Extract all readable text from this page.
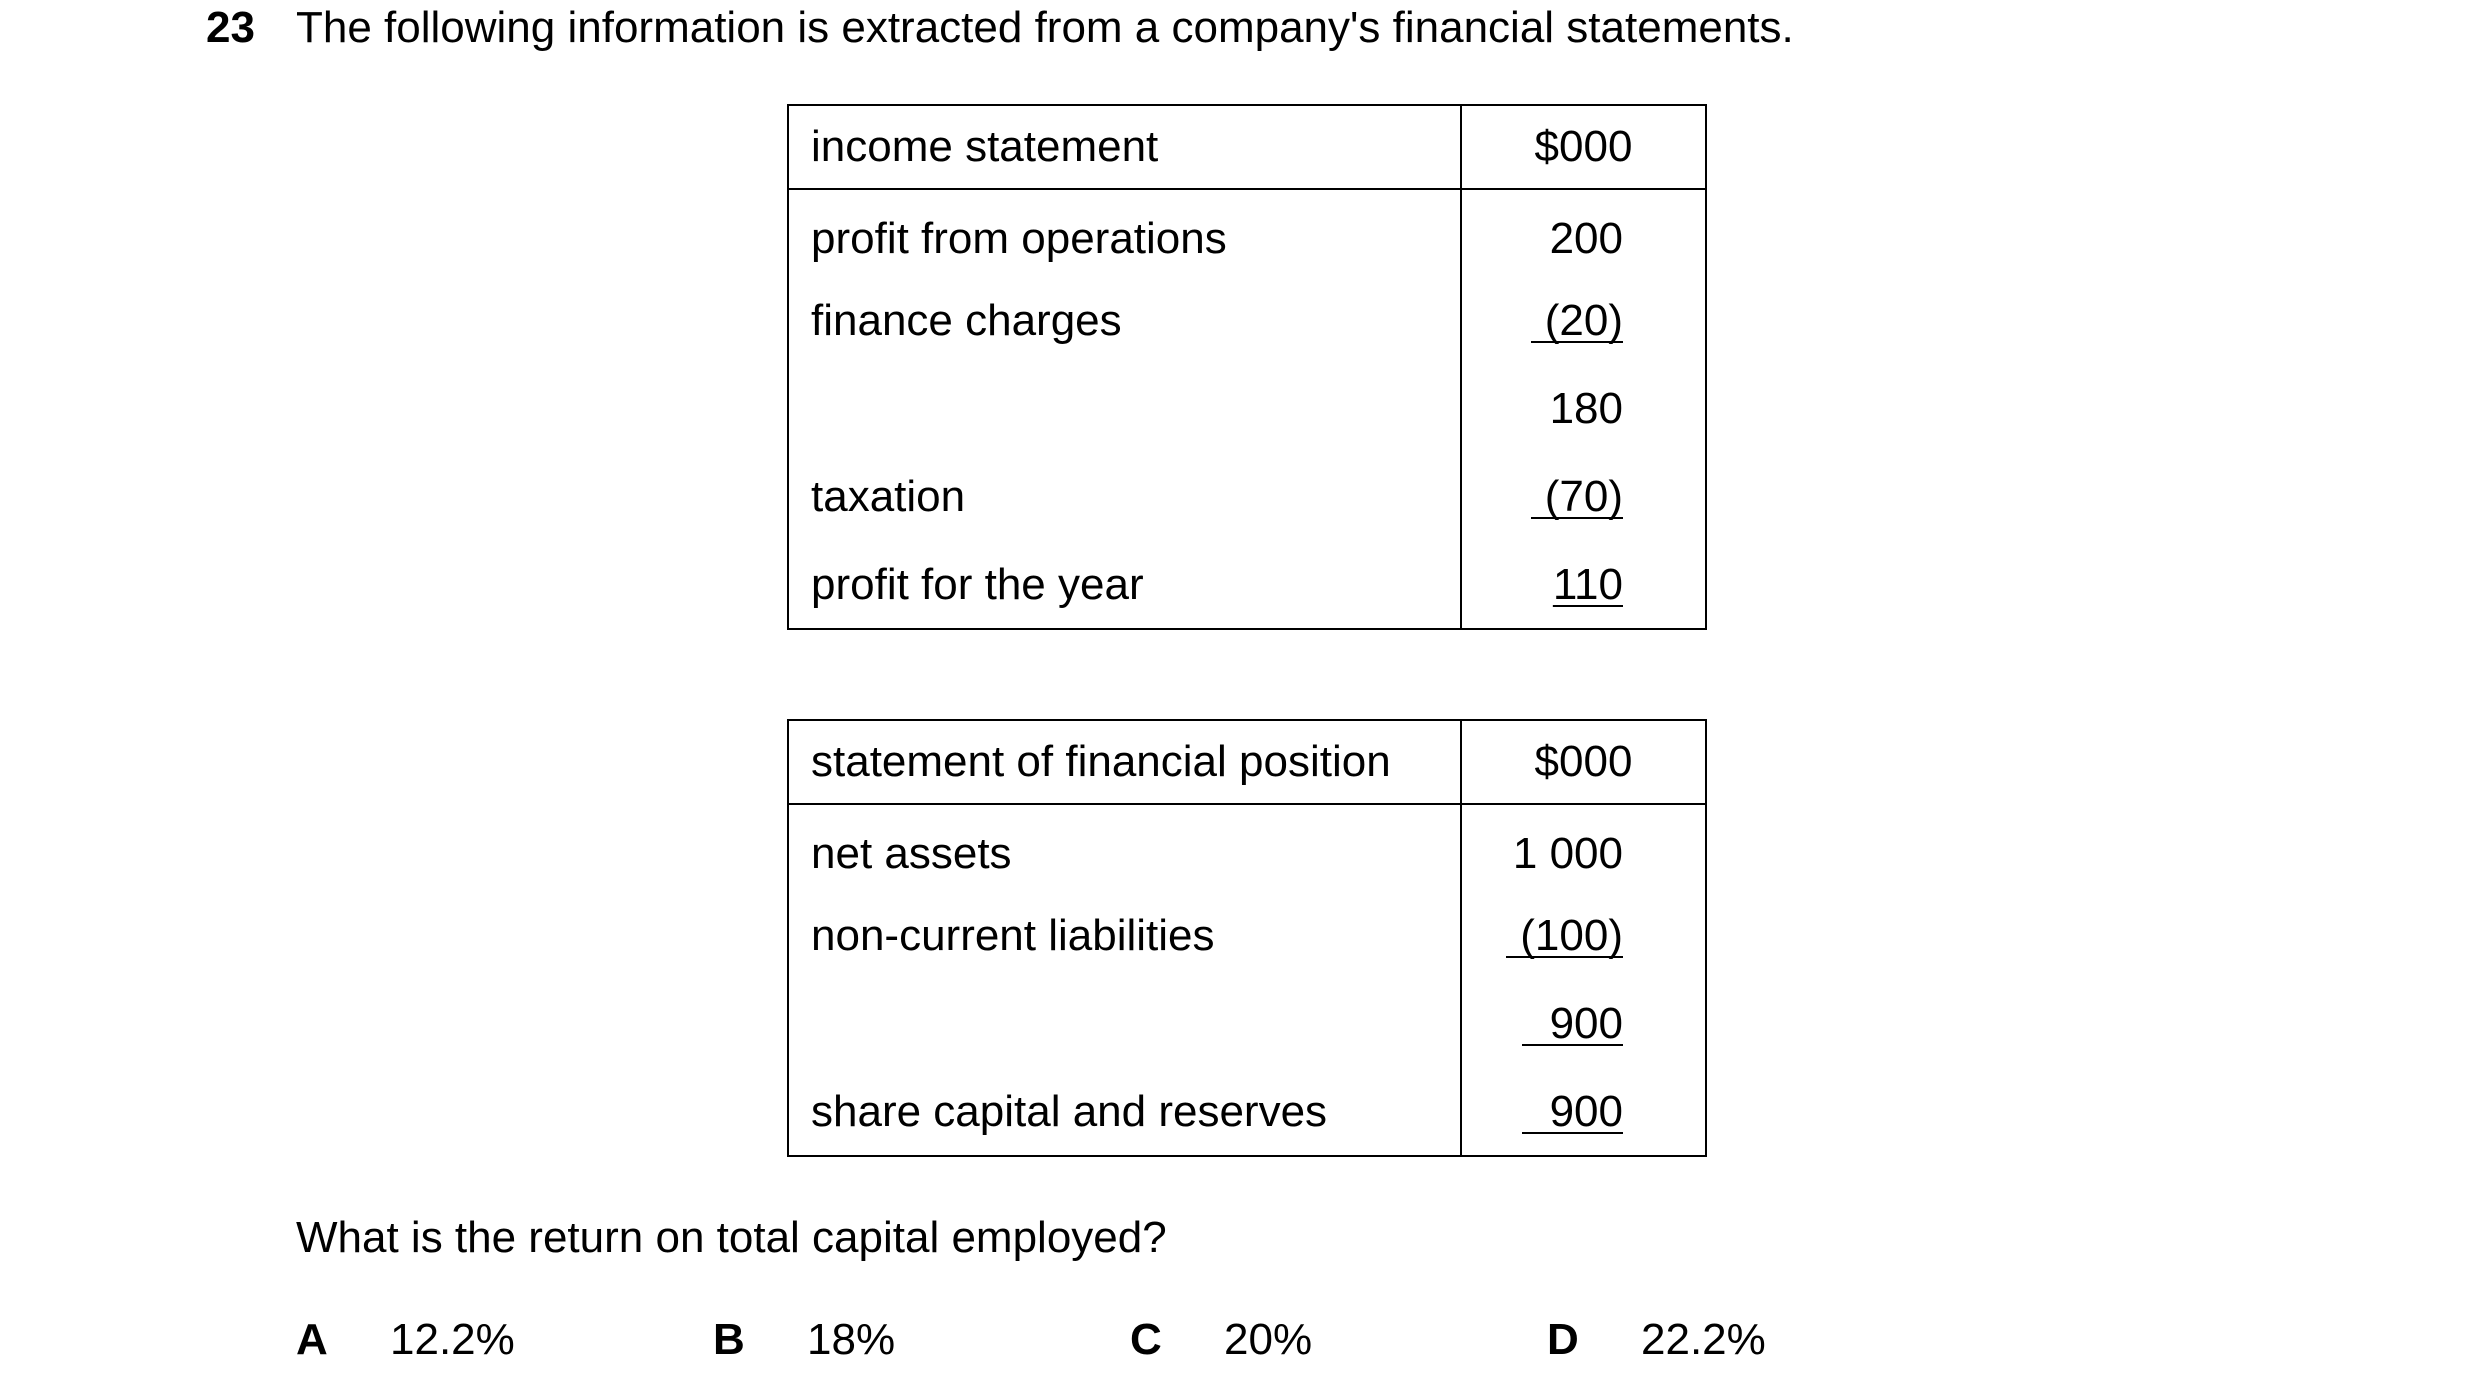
23 The following information is extracted from a company's financial statements.
income statement	$000
profit from operations	200
finance charges	(20)
	180
taxation	(70)
profit for the year	110
statement of financial position	$000
net assets	1 000
non-current liabilities	(100)
	900
share capital and reserves	900
What is the return on total capital employed?
A 12.2%	B 18%	C 20%	D 22.2%
